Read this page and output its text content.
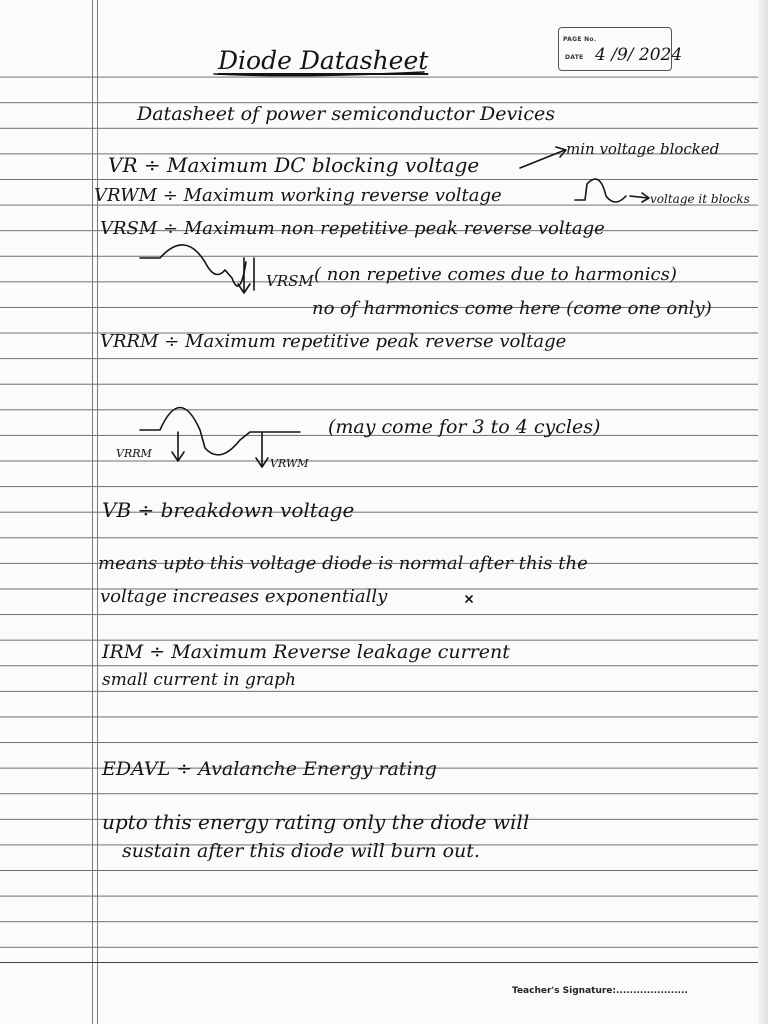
Diode Datasheet
PAGE No.
DATE 4 /9/ 2024
Datasheet of power semiconductor Devices
VR ÷ Maximum DC blocking voltage
min voltage blocked
VRWM ÷ Maximum working reverse voltage	voltage it blocks
VRSM ÷ Maximum non repetitive peak reverse voltage
VRSM ( non repetive comes due to harmonics)
no of harmonics come here (come one only)
VRRM ÷ Maximum repetitive peak reverse voltage
(may come for 3 to 4 cycles)
VRRM
VRWM
VB ÷ breakdown voltage
means upto this voltage diode is normal after this the
voltage increases exponentially
IRM ÷ Maximum Reverse leakage current
small current in graph
EDAVL ÷ Avalanche Energy rating
upto this energy rating only the diode will
sustain after this diode will burn out.
Teacher's Signature:.....................
